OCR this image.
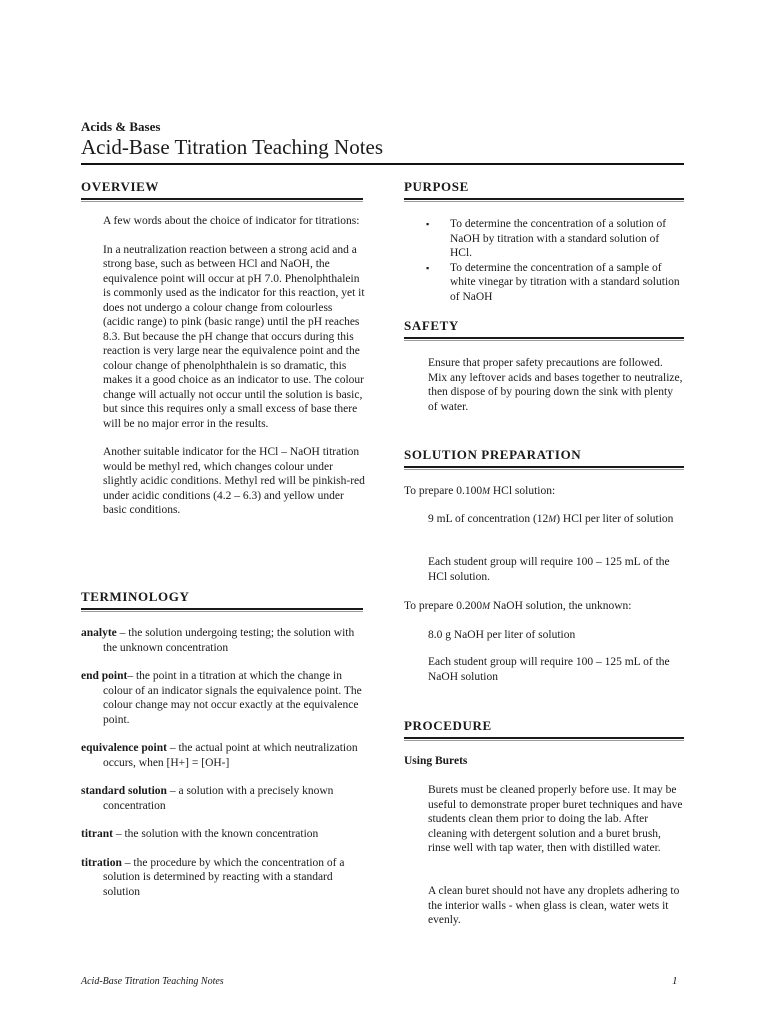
Acids & Bases
Acid-Base Titration Teaching Notes
OVERVIEW

A few words about the choice of indicator for titrations:

In a neutralization reaction between a strong acid and a strong base, such as between HCl and NaOH, the equivalence point will occur at pH 7.0. Phenolphthalein is commonly used as the indicator for this reaction, yet it does not undergo a colour change from colourless (acidic range) to pink (basic range) until the pH reaches 8.3. But because the pH change that occurs during this reaction is very large near the equivalence point and the colour change of phenolphthalein is so dramatic, this makes it a good choice as an indicator to use. The colour change will actually not occur until the solution is basic, but since this requires only a small excess of base there will be no major error in the results.

Another suitable indicator for the HCl – NaOH titration would be methyl red, which changes colour under slightly acidic conditions. Methyl red will be pinkish-red under acidic conditions (4.2 – 6.3) and yellow under basic conditions.

TERMINOLOGY

analyte – the solution undergoing testing; the solution with the unknown concentration

end point– the point in a titration at which the change in colour of an indicator signals the equivalence point. The colour change may not occur exactly at the equivalence point.

equivalence point – the actual point at which neutralization occurs, when [H+] = [OH-]

standard solution – a solution with a precisely known concentration

titrant – the solution with the known concentration

titration – the procedure by which the concentration of a solution is determined by reacting with a standard solution

PURPOSE
▪ To determine the concentration of a solution of NaOH by titration with a standard solution of HCl.
▪ To determine the concentration of a sample of white vinegar by titration with a standard solution of NaOH
SAFETY

Ensure that proper safety precautions are followed. Mix any leftover acids and bases together to neutralize, then dispose of by pouring down the sink with plenty of water.

SOLUTION PREPARATION

To prepare 0.100M HCl solution:

9 mL of concentration (12M) HCl per liter of solution

Each student group will require 100 – 125 mL of the HCl solution.

To prepare 0.200M NaOH solution, the unknown:

8.0 g NaOH per liter of solution

Each student group will require 100 – 125 mL of the NaOH solution

PROCEDURE
Using Burets

Burets must be cleaned properly before use. It may be useful to demonstrate proper buret techniques and have students clean them prior to doing the lab. After cleaning with detergent solution and a buret brush, rinse well with tap water, then with distilled water.

A clean buret should not have any droplets adhering to the interior walls - when glass is clean, water wets it evenly.

Acid-Base Titration Teaching Notes	1
